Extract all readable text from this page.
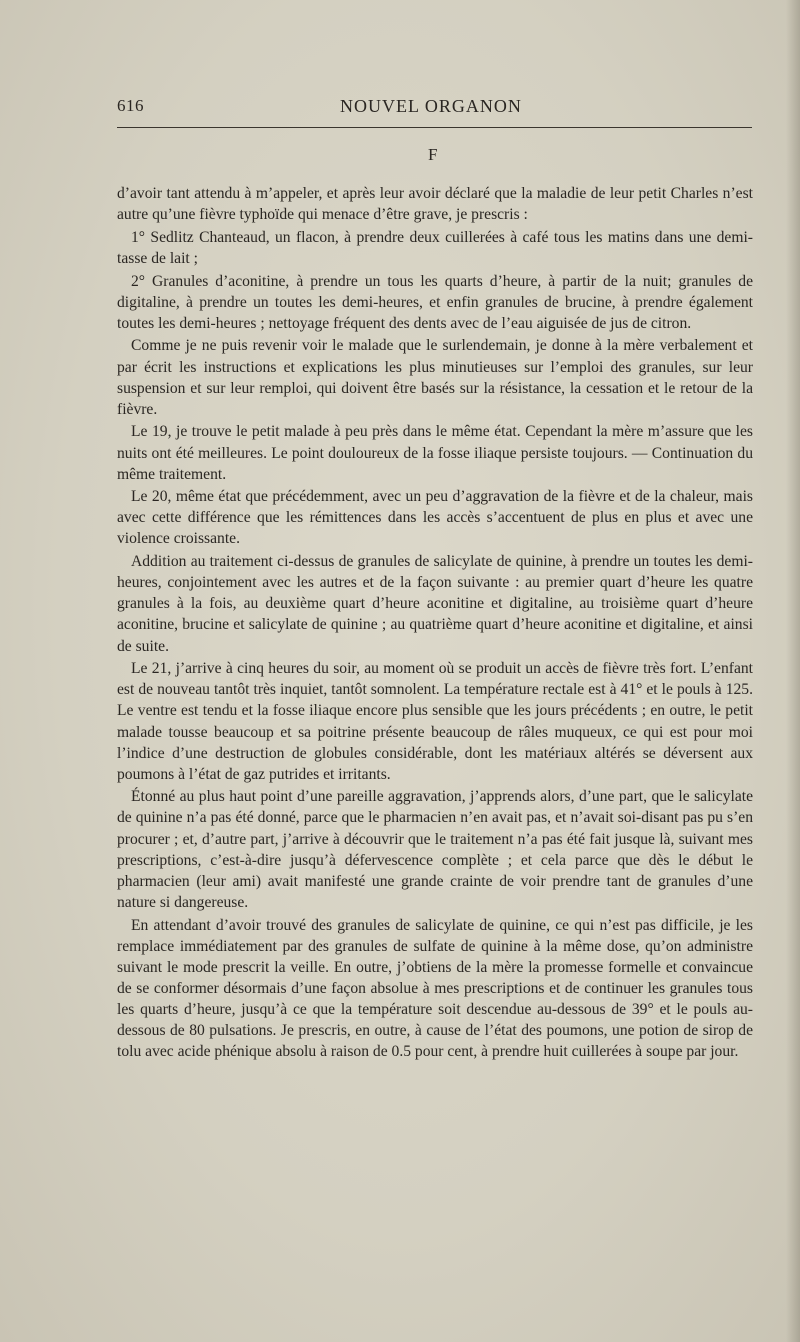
616	NOUVEL ORGANON
F

d’avoir tant attendu à m’appeler, et après leur avoir déclaré que la maladie de leur petit Charles n’est autre qu’une fièvre typhoïde qui menace d’être grave, je prescris :

1° Sedlitz Chanteaud, un flacon, à prendre deux cuillerées à café tous les matins dans une demi-tasse de lait ;

2° Granules d’aconitine, à prendre un tous les quarts d’heure, à partir de la nuit; granules de digitaline, à prendre un toutes les demi-heures, et enfin granules de brucine, à prendre également toutes les demi-heures ; nettoyage fréquent des dents avec de l’eau aiguisée de jus de citron.

Comme je ne puis revenir voir le malade que le surlendemain, je donne à la mère verbalement et par écrit les instructions et explications les plus minutieuses sur l’emploi des granules, sur leur suspension et sur leur remploi, qui doivent être basés sur la résistance, la cessation et le retour de la fièvre.

Le 19, je trouve le petit malade à peu près dans le même état. Cependant la mère m’assure que les nuits ont été meilleures. Le point douloureux de la fosse iliaque persiste toujours. — Continuation du même traitement.

Le 20, même état que précédemment, avec un peu d’aggravation de la fièvre et de la chaleur, mais avec cette différence que les rémittences dans les accès s’accentuent de plus en plus et avec une violence croissante.

Addition au traitement ci-dessus de granules de salicylate de quinine, à prendre un toutes les demi-heures, conjointement avec les autres et de la façon suivante : au premier quart d’heure les quatre granules à la fois, au deuxième quart d’heure aconitine et digitaline, au troisième quart d’heure aconitine, brucine et salicylate de quinine ; au quatrième quart d’heure aconitine et digitaline, et ainsi de suite.

Le 21, j’arrive à cinq heures du soir, au moment où se produit un accès de fièvre très fort. L’enfant est de nouveau tantôt très inquiet, tantôt somnolent. La température rectale est à 41° et le pouls à 125. Le ventre est tendu et la fosse iliaque encore plus sensible que les jours précédents ; en outre, le petit malade tousse beaucoup et sa poitrine présente beaucoup de râles muqueux, ce qui est pour moi l’indice d’une destruction de globules considérable, dont les matériaux altérés se déversent aux poumons à l’état de gaz putrides et irritants.

Étonné au plus haut point d’une pareille aggravation, j’apprends alors, d’une part, que le salicylate de quinine n’a pas été donné, parce que le pharmacien n’en avait pas, et n’avait soi-disant pas pu s’en procurer ; et, d’autre part, j’arrive à découvrir que le traitement n’a pas été fait jusque là, suivant mes prescriptions, c’est-à-dire jusqu’à défervescence complète ; et cela parce que dès le début le pharmacien (leur ami) avait manifesté une grande crainte de voir prendre tant de granules d’une nature si dangereuse.

En attendant d’avoir trouvé des granules de salicylate de quinine, ce qui n’est pas difficile, je les remplace immédiatement par des granules de sulfate de quinine à la même dose, qu’on administre suivant le mode prescrit la veille. En outre, j’obtiens de la mère la promesse formelle et convaincue de se conformer désormais d’une façon absolue à mes prescriptions et de continuer les granules tous les quarts d’heure, jusqu’à ce que la température soit descendue au-dessous de 39° et le pouls au-dessous de 80 pulsations. Je prescris, en outre, à cause de l’état des poumons, une potion de sirop de tolu avec acide phénique absolu à raison de 0.5 pour cent, à prendre huit cuillerées à soupe par jour.
